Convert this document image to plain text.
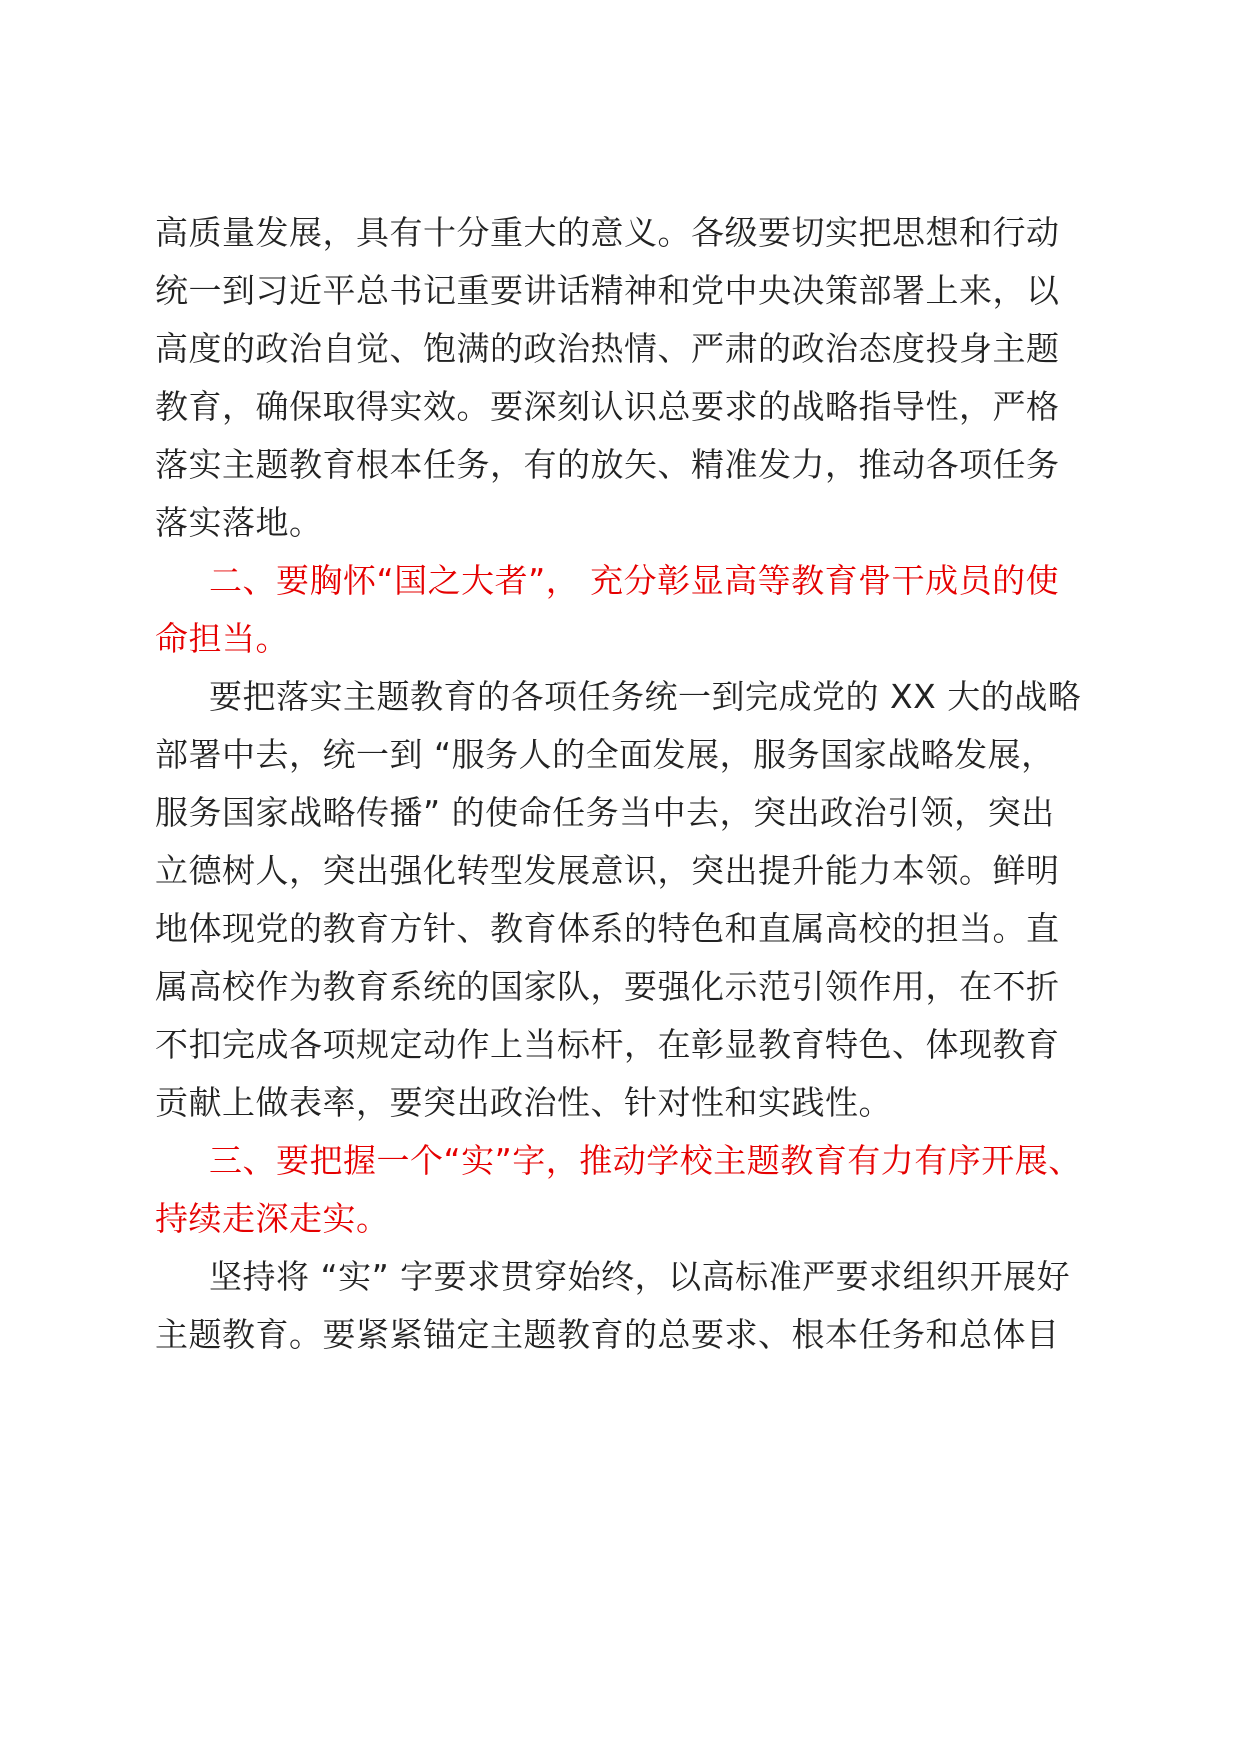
高质量发展，具有十分重大的意义。各级要切实把思想和行动
统一到习近平总书记重要讲话精神和党中央决策部署上来，以
高度的政治自觉、饱满的政治热情、严肃的政治态度投身主题
教育，确保取得实效。要深刻认识总要求的战略指导性，严格
落实主题教育根本任务，有的放矢、精准发力，推动各项任务
落实落地。
二、要胸怀“国之大者”， 充分彰显高等教育骨干成员的使
命担当。
要把落实主题教育的各项任务统一到完成党的 XX 大的战略
部署中去，统一到 “服务人的全面发展，服务国家战略发展，
服务国家战略传播” 的使命任务当中去，突出政治引领，突出
立德树人，突出强化转型发展意识，突出提升能力本领。鲜明
地体现党的教育方针、教育体系的特色和直属高校的担当。直
属高校作为教育系统的国家队，要强化示范引领作用，在不折
不扣完成各项规定动作上当标杆，在彰显教育特色、体现教育
贡献上做表率，要突出政治性、针对性和实践性。
三、要把握一个“实”字，推动学校主题教育有力有序开展、
持续走深走实。
坚持将 “实” 字要求贯穿始终，以高标准严要求组织开展好
主题教育。要紧紧锚定主题教育的总要求、根本任务和总体目
